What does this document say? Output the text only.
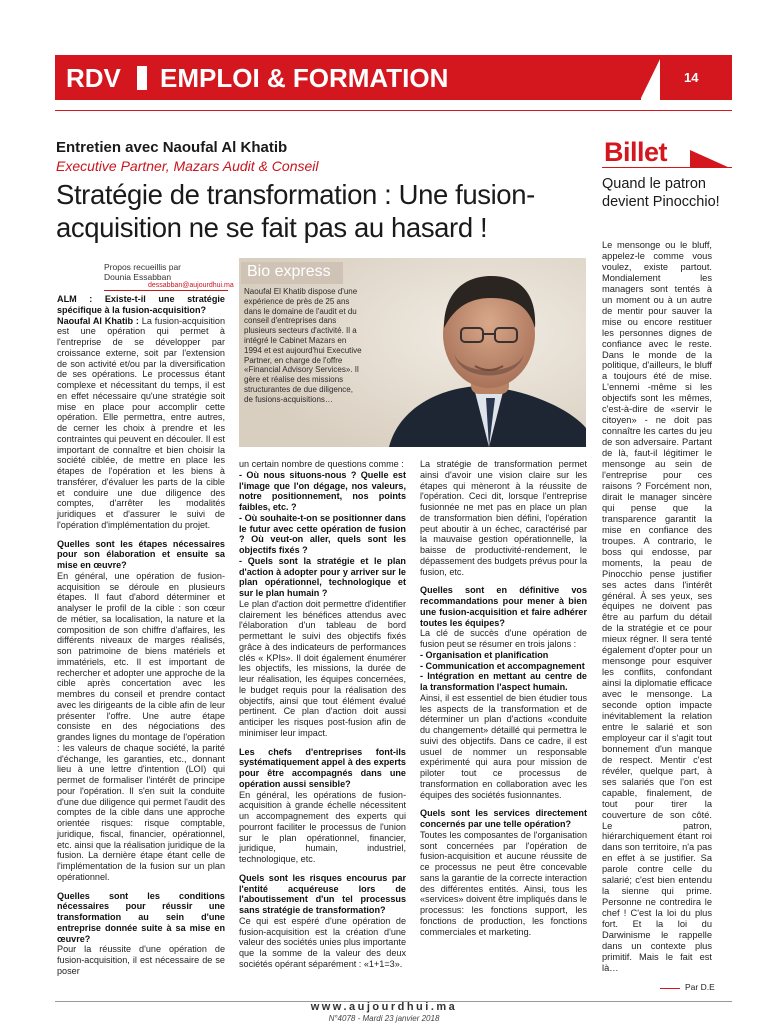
RDV EMPLOI & FORMATION	14
Entretien avec Naoufal Al Khatib
Executive Partner, Mazars Audit & Conseil
Stratégie de transformation : Une fusion-acquisition ne se fait pas au hasard !
Propos recueillis par
Dounia Essabban
dessabban@aujourdhui.ma
Bio express
Naoufal El Khatib dispose d'une expérience de près de 25 ans dans le domaine de l'audit et du conseil d'entreprises dans plusieurs secteurs d'activité. Il a intégré le Cabinet Mazars en 1994 et est aujourd'hui Executive Partner, en charge de l'offre «Financial Advisory Services». Il gère et réalise des missions structurantes de due diligence, de fusions-acquisitions…

ALM : Existe-t-il une stratégie spécifique à la fusion-acquisition?

Naoufal Al Khatib : La fusion-acquisition est une opération qui permet à l'entreprise de se développer par croissance externe, soit par l'extension de son activité et/ou par la diversification de ses opérations. Le processus étant complexe et nécessitant du temps, il est en effet nécessaire qu'une stratégie soit mise en place pour accomplir cette opération. Elle permettra, entre autres, de cerner les choix à prendre et les contraintes qui peuvent en découler. Il est important de connaître et bien choisir la société ciblée, de mettre en place les étapes de l'opération et les biens à transférer, d'évaluer les parts de la cible et conduire une due diligence des comptes, d'arrêter les modalités juridiques et d'assurer le suivi de l'opération d'implémentation du projet.

Quelles sont les étapes nécessaires pour son élaboration et ensuite sa mise en œuvre?

En général, une opération de fusion-acquisition se déroule en plusieurs étapes. Il faut d'abord déterminer et analyser le profil de la cible : son cœur de métier, sa localisation, la nature et la composition de son chiffre d'affaires, les différents niveaux de marges réalisés, son patrimoine de biens matériels et immatériels, etc. Il est important de rechercher et adopter une approche de la cible après concertation avec les membres du conseil et prendre contact avec les dirigeants de la cible afin de leur présenter l'offre. Une autre étape consiste en des négociations des grandes lignes du montage de l'opération : les valeurs de chaque société, la parité d'échange, les garanties, etc., donnant lieu à une lettre d'intention (LOI) qui permet de formaliser l'intérêt de principe pour l'opération. Il s'en suit la conduite d'une due diligence qui permet l'audit des comptes de la cible dans une approche orientée risques: risque comptable, juridique, fiscal, financier, opérationnel, etc. ainsi que la réalisation juridique de la fusion. La dernière étape étant celle de l'implémentation de la fusion sur un plan opérationnel.

Quelles sont les conditions nécessaires pour réussir une transformation au sein d'une entreprise donnée suite à sa mise en œuvre?

Pour la réussite d'une opération de fusion-acquisition, il est nécessaire de se poser

un certain nombre de questions comme :

- Où nous situons-nous ? Quelle est l'image que l'on dégage, nos valeurs, notre positionnement, nos points faibles, etc. ?
- Où souhaite-t-on se positionner dans le futur avec cette opération de fusion ? Où veut-on aller, quels sont les objectifs fixés ?
- Quels sont la stratégie et le plan d'action à adopter pour y arriver sur le plan opérationnel, technologique et sur le plan humain ?

Le plan d'action doit permettre d'identifier clairement les bénéfices attendus avec l'élaboration d'un tableau de bord permettant le suivi des objectifs fixés grâce à des indicateurs de performances clés « KPIs». Il doit également énumérer les objectifs, les missions, la durée de leur réalisation, les équipes concernées, le budget requis pour la réalisation des objectifs, ainsi que tout élément évalué pertinent. Ce plan d'action doit aussi anticiper les risques post-fusion afin de minimiser leur impact.

Les chefs d'entreprises font-ils systématiquement appel à des experts pour être accompagnés dans une opération aussi sensible?

En général, les opérations de fusion-acquisition à grande échelle nécessitent un accompagnement des experts qui pourront faciliter le processus de l'union sur le plan opérationnel, financier, juridique, humain, industriel, technologique, etc.

Quels sont les risques encourus par l'entité acquéreuse lors de l'aboutissement d'un tel processus sans stratégie de transformation?

Ce qui est espéré d'une opération de fusion-acquisition est la création d'une valeur des sociétés unies plus importante que la somme de la valeur des deux sociétés opérant séparément : «1+1=3».

La stratégie de transformation permet ainsi d'avoir une vision claire sur les étapes qui mèneront à la réussite de l'opération. Ceci dit, lorsque l'entreprise fusionnée ne met pas en place un plan de transformation bien défini, l'opération peut aboutir à un échec, caractérisé par la mauvaise gestion opérationnelle, la baisse de productivité-rendement, le dépassement des budgets prévus pour la fusion, etc.

Quelles sont en définitive vos recommandations pour mener à bien une fusion-acquisition et faire adhérer toutes les équipes?

La clé de succès d'une opération de fusion peut se résumer en trois jalons :

- Organisation et planification
- Communication et accompagnement
- Intégration en mettant au centre de la transformation l'aspect humain.

Ainsi, il est essentiel de bien étudier tous les aspects de la transformation et de déterminer un plan d'actions «conduite du changement» détaillé qui permettra le suivi des objectifs. Dans ce cadre, il est usuel de nommer un responsable expérimenté qui aura pour mission de piloter tout ce processus de transformation en collaboration avec les équipes des sociétés fusionnantes.

Quels sont les services directement concernés par une telle opération?

Toutes les composantes de l'organisation sont concernées par l'opération de fusion-acquisition et aucune réussite de ce processus ne peut être concevable sans la garantie de la correcte interaction des différentes entités. Ainsi, tous les «services» doivent être impliqués dans le processus: les fonctions support, les fonctions de production, les fonctions commerciales et marketing.

Billet
Quand le patron devient Pinocchio!
Le mensonge ou le bluff, appelez-le comme vous voulez, existe partout. Mondialement les managers sont tentés à un moment ou à un autre de mentir pour sauver la mise ou encore restituer les personnes dignes de confiance avec le reste. Dans le monde de la politique, d'ailleurs, le bluff a toujours été de mise. L'ennemi -même si les objectifs sont les mêmes, c'est-à-dire de «servir le citoyen» - ne doit pas connaître les cartes du jeu de son adversaire. Partant de là, faut-il légitimer le mensonge au sein de l'entreprise pour ces raisons ? Forcément non, dirait le manager sincère qui pense que la transparence garantit la mise en confiance des troupes. A contrario, le boss qui endosse, par moments, la peau de Pinocchio pense justifier ses actes dans l'intérêt général. À ses yeux, ses équipes ne doivent pas être au parfum du détail de la stratégie et ce pour mieux régner. Il sera tenté également d'opter pour un mensonge pour esquiver les conflits, confondant ainsi la diplomatie efficace avec le mensonge. La seconde option impacte inévitablement la relation entre le salarié et son employeur car il s'agit tout bonnement d'un manque de respect. Mentir c'est révéler, quelque part, à ses salariés que l'on est capable, finalement, de tout pour tirer la couverture de son côté. Le patron, hiérarchiquement étant roi dans son territoire, n'a pas en effet à se justifier. Sa parole contre celle du salarié; c'est bien entendu la sienne qui prime. Personne ne contredira le chef ! C'est la loi du plus fort. Et la loi du Darwinisme le rappelle dans un contexte plus primitif. Mais le fait est là…
Par D.E
www.aujourdhui.ma
N°4078 - Mardi 23 janvier 2018
